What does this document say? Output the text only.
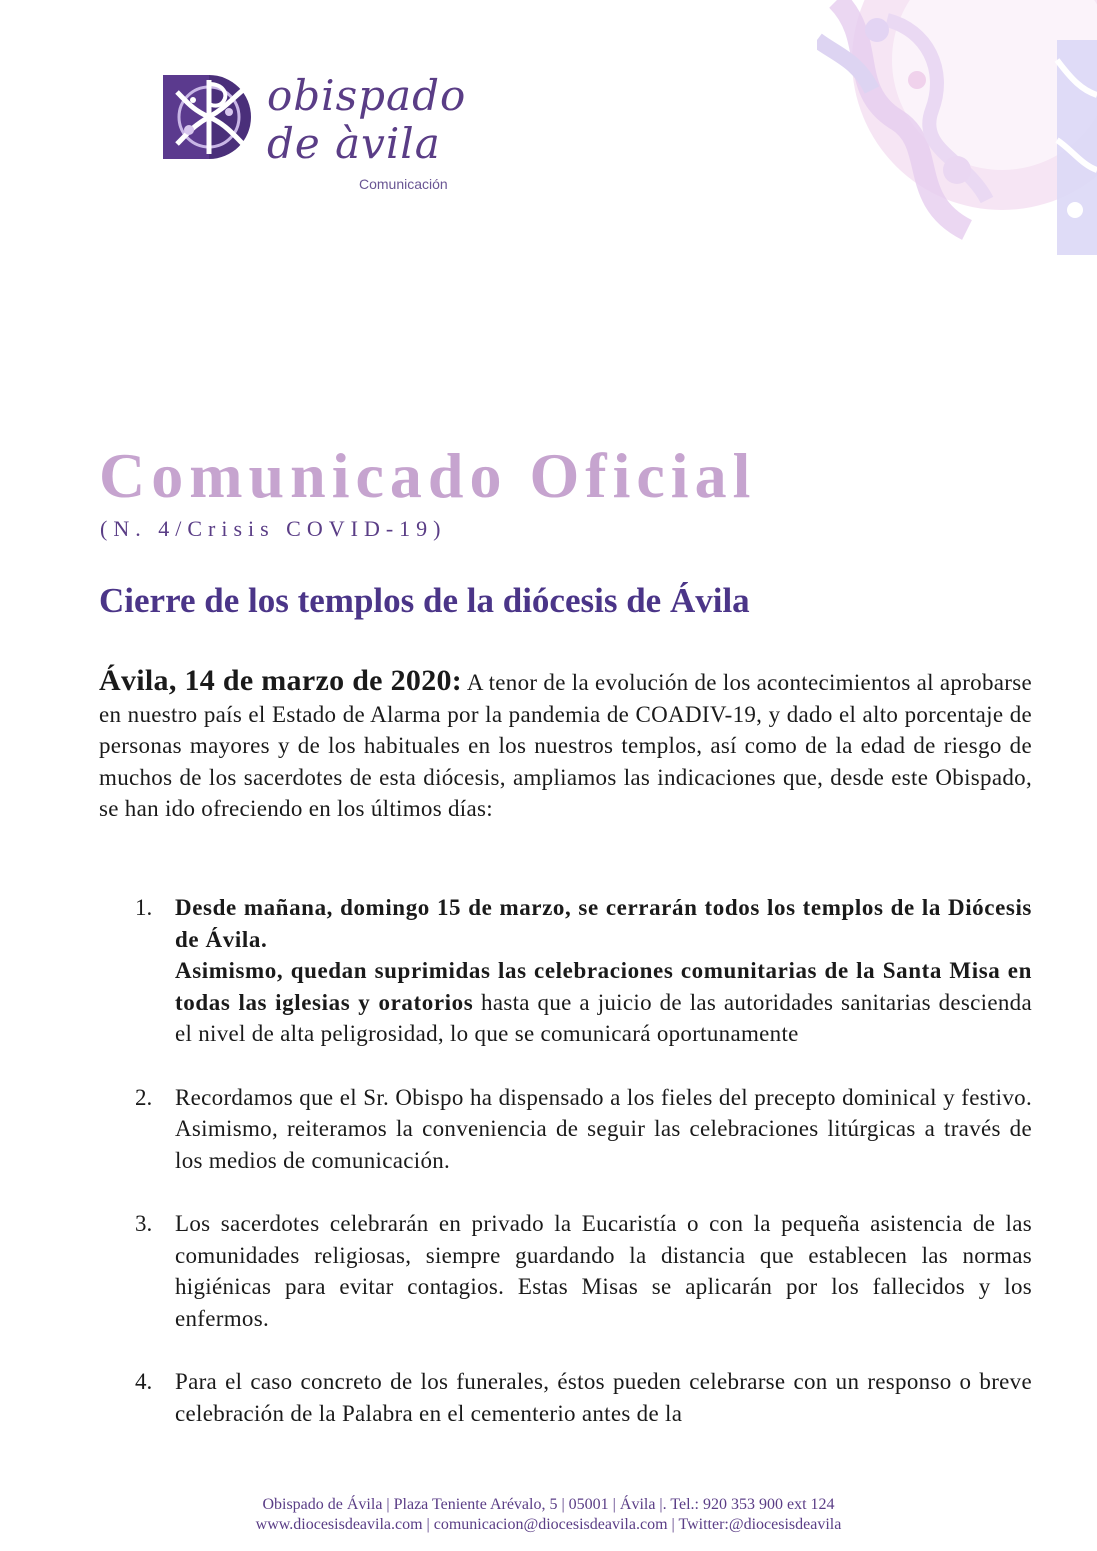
obispado

de àvila

Comunicación

Comunicado Oficial

(N. 4/Crisis COVID-19)

Cierre de los templos de la diócesis de Ávila

Ávila, 14 de marzo de 2020: A tenor de la evolución de los acontecimientos al aprobarse en nuestro país el Estado de Alarma por la pandemia de COADIV-19, y dado el alto porcentaje de personas mayores y de los habituales en los nuestros templos, así como de la edad de riesgo de muchos de los sacerdotes de esta diócesis, ampliamos las indicaciones que, desde este Obispado, se han ido ofreciendo en los últimos días:

1. Desde mañana, domingo 15 de marzo, se cerrarán todos los templos de la Diócesis de Ávila.
Asimismo, quedan suprimidas las celebraciones comunitarias de la Santa Misa en todas las iglesias y oratorios hasta que a juicio de las autoridades sanitarias descienda el nivel de alta peligrosidad, lo que se comunicará oportunamente

2. Recordamos que el Sr. Obispo ha dispensado a los fieles del precepto dominical y festivo. Asimismo, reiteramos la conveniencia de seguir las celebraciones litúrgicas a través de los medios de comunicación.

3. Los sacerdotes celebrarán en privado la Eucaristía o con la pequeña asistencia de las comunidades religiosas, siempre guardando la distancia que establecen las normas higiénicas para evitar contagios. Estas Misas se aplicarán por los fallecidos y los enfermos.

4. Para el caso concreto de los funerales, éstos pueden celebrarse con un responso o breve celebración de la Palabra en el cementerio antes de la

Obispado de Ávila | Plaza Teniente Arévalo, 5 | 05001 | Ávila |. Tel.: 920 353 900 ext 124
www.diocesisdeavila.com | comunicacion@diocesisdeavila.com | Twitter:@diocesisdeavila
